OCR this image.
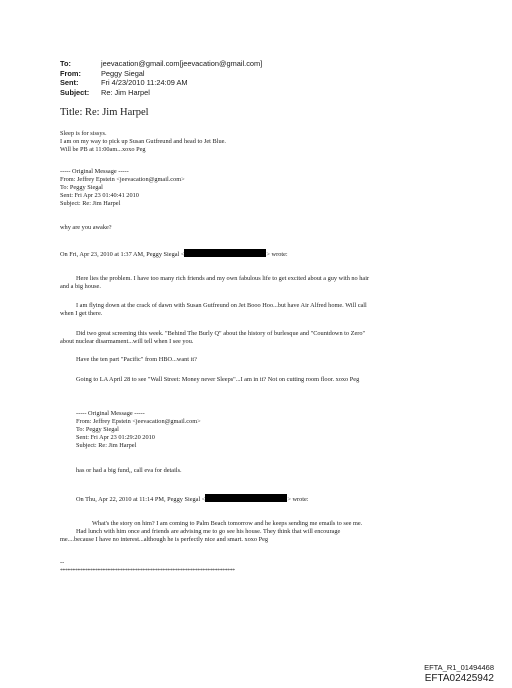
To:	jeevacation@gmail.com[jeevacation@gmail.com]
From:	Peggy Siegal
Sent:	Fri 4/23/2010 11:24:09 AM
Subject:	Re: Jim Harpel
Title: Re: Jim Harpel
Sleep is for sissys.
I am on my way to pick up Susan Gutfreund and head to Jet Blue.
Will be PB at 11:00am...xoxo Peg
----- Original Message -----
From: Jeffrey Epstein <jeevacation@gmail.com>
To: Peggy Siegal
Sent: Fri Apr 23 01:40:41 2010
Subject: Re: Jim Harpel
why are you awake?
On Fri, Apr 23, 2010 at 1:37 AM, Peggy Siegal <	> wrote:
Here lies the problem. I have too many rich friends and my own fabulous life to get excited about a guy with no hair
and a big house.
I am flying down at the crack of dawn with Susan Gutfreund on Jet Booo Hoo...but have Air Alfred home. Will call
when I get there.
Did two great screening this week. "Behind The Burly Q" about the history of burlesque and "Countdown to Zero"
about nuclear disarmament...will tell when I see you.
Have the ten part "Pacific" from HBO...want it?
Going to LA April 28 to see "Wall Street: Money never Sleeps"...I am in it? Not on cutting room floor. xoxo Peg
----- Original Message -----
From: Jeffrey Epstein <jeevacation@gmail.com>
To: Peggy Siegal
Sent: Fri Apr 23 01:29:20 2010
Subject: Re: Jim Harpel
has or had a big fund,, call eva for details.
On Thu, Apr 22, 2010 at 11:14 PM, Peggy Siegal <	> wrote:
What's the story on him? I am coming to Palm Beach tomorrow and he keeps sending me emails to see me.
Had lunch with him once and friends are advising me to go see his house. They think that will encourage
me....because I have no interest...although he is perfectly nice and smart. xoxo Peg
--
**********************************************************************
EFTA_R1_01494468
EFTA02425942
